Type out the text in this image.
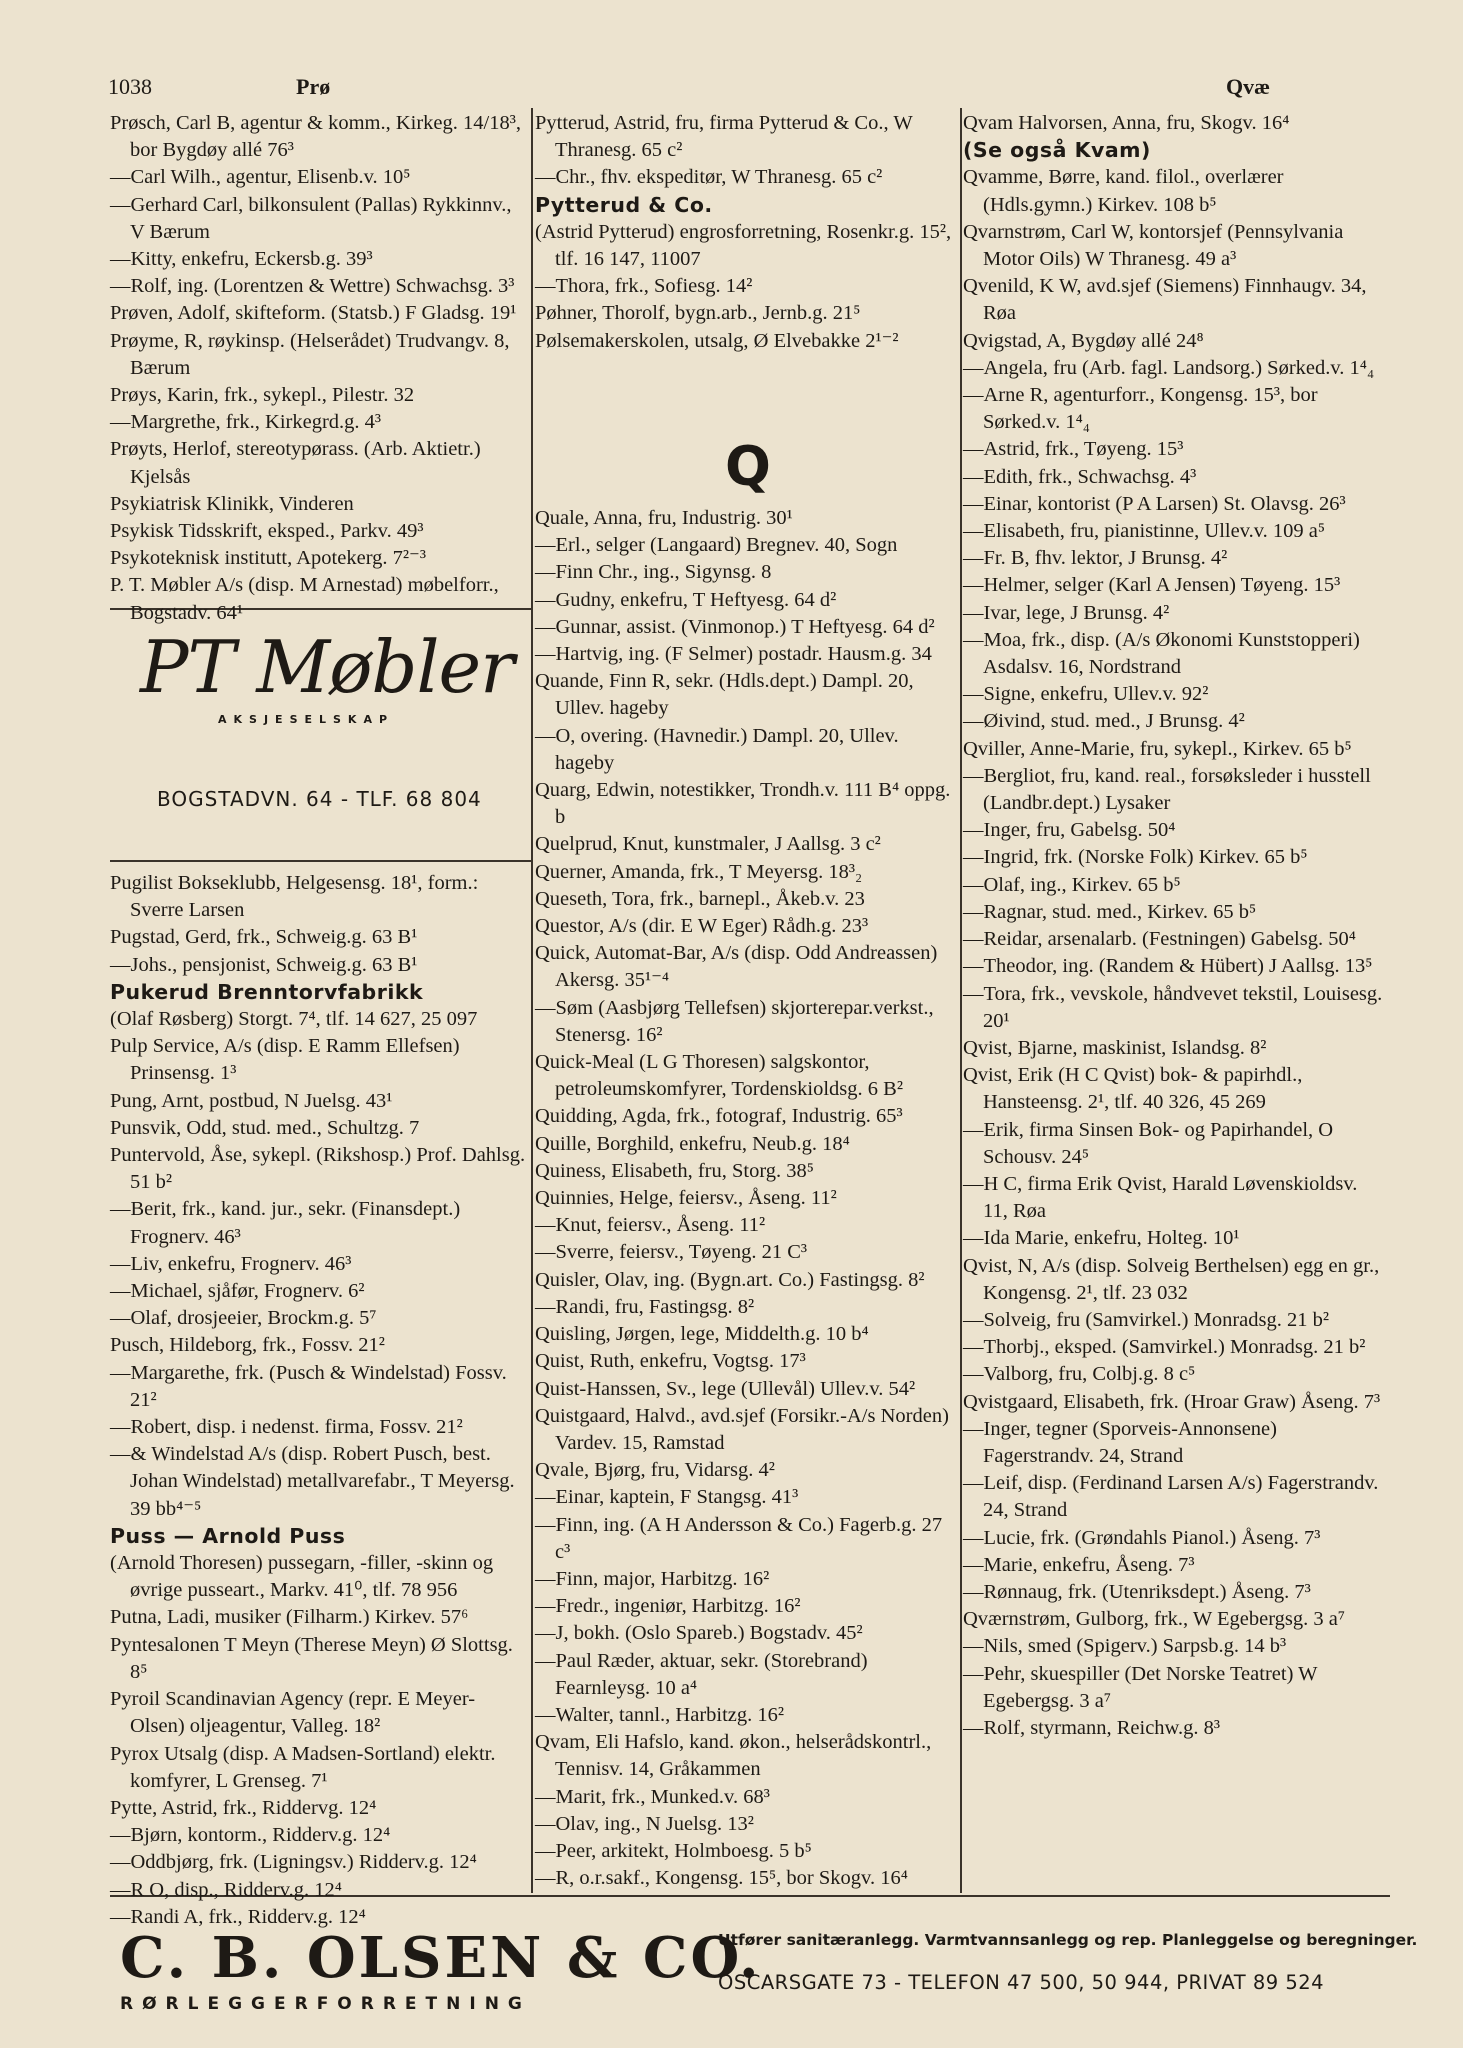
1038	Prø	Qvæ
Prøsch, Carl B, agentur & komm., Kirkeg. 14/18³, bor Bygdøy allé 76³
—Carl Wilh., agentur, Elisenb.v. 10⁵
—Gerhard Carl, bilkonsulent (Pallas) Rykkinnv., V Bærum
—Kitty, enkefru, Eckersb.g. 39³
—Rolf, ing. (Lorentzen & Wettre) Schwachsg. 3³
Prøven, Adolf, skifteform. (Statsb.) F Gladsg. 19¹
Prøyme, R, røykinsp. (Helserådet) Trudvangv. 8, Bærum
Prøys, Karin, frk., sykepl., Pilestr. 32
—Margrethe, frk., Kirkegrd.g. 4³
Prøyts, Herlof, stereotypørass. (Arb. Aktietr.) Kjelsås
Psykiatrisk Klinikk, Vinderen
Psykisk Tidsskrift, eksped., Parkv. 49³
Psykoteknisk institutt, Apotekerg. 7²⁻³
P. T. Møbler A/s (disp. M Arnestad) møbelforr., Bogstadv. 64¹
PT Møbler
AKSJESELSKAP
BOGSTADVN. 64 - TLF. 68 804
Pugilist Bokseklubb, Helgesensg. 18¹, form.: Sverre Larsen
Pugstad, Gerd, frk., Schweig.g. 63 B¹
—Johs., pensjonist, Schweig.g. 63 B¹
Pukerud Brenntorvfabrikk
(Olaf Røsberg) Storgt. 7⁴, tlf. 14 627, 25 097
Pulp Service, A/s (disp. E Ramm Ellefsen) Prinsensg. 1³
Pung, Arnt, postbud, N Juelsg. 43¹
Punsvik, Odd, stud. med., Schultzg. 7
Puntervold, Åse, sykepl. (Rikshosp.) Prof. Dahlsg. 51 b²
—Berit, frk., kand. jur., sekr. (Finansdept.) Frognerv. 46³
—Liv, enkefru, Frognerv. 46³
—Michael, sjåfør, Frognerv. 6²
—Olaf, drosjeeier, Brockm.g. 5⁷
Pusch, Hildeborg, frk., Fossv. 21²
—Margarethe, frk. (Pusch & Windelstad) Fossv. 21²
—Robert, disp. i nedenst. firma, Fossv. 21²
—& Windelstad A/s (disp. Robert Pusch, best. Johan Windelstad) metallvarefabr., T Meyersg. 39 bb⁴⁻⁵
Puss — Arnold Puss
(Arnold Thoresen) pussegarn, -filler, -skinn og øvrige pusseart., Markv. 41⁰, tlf. 78 956
Putna, Ladi, musiker (Filharm.) Kirkev. 57⁶
Pyntesalonen T Meyn (Therese Meyn) Ø Slottsg. 8⁵
Pyroil Scandinavian Agency (repr. E Meyer-Olsen) oljeagentur, Valleg. 18²
Pyrox Utsalg (disp. A Madsen-Sortland) elektr. komfyrer, L Grenseg. 7¹
Pytte, Astrid, frk., Riddervg. 12⁴
—Bjørn, kontorm., Ridderv.g. 12⁴
—Oddbjørg, frk. (Ligningsv.) Ridderv.g. 12⁴
—R O, disp., Ridderv.g. 12⁴
—Randi A, frk., Ridderv.g. 12⁴
Pytterud, Astrid, fru, firma Pytterud & Co., W Thranesg. 65 c²
—Chr., fhv. ekspeditør, W Thranesg. 65 c²
Pytterud & Co.
(Astrid Pytterud) engrosforretning, Rosenkr.g. 15², tlf. 16 147, 11007
—Thora, frk., Sofiesg. 14²
Pøhner, Thorolf, bygn.arb., Jernb.g. 21⁵
Pølsemakerskolen, utsalg, Ø Elvebakke 2¹⁻²
Q
Quale, Anna, fru, Industrig. 30¹
—Erl., selger (Langaard) Bregnev. 40, Sogn
—Finn Chr., ing., Sigynsg. 8
—Gudny, enkefru, T Heftyesg. 64 d²
—Gunnar, assist. (Vinmonop.) T Heftyesg. 64 d²
—Hartvig, ing. (F Selmer) postadr. Hausm.g. 34
Quande, Finn R, sekr. (Hdls.dept.) Dampl. 20, Ullev. hageby
—O, overing. (Havnedir.) Dampl. 20, Ullev. hageby
Quarg, Edwin, notestikker, Trondh.v. 111 B⁴ oppg. b
Quelprud, Knut, kunstmaler, J Aallsg. 3 c²
Querner, Amanda, frk., T Meyersg. 18³₂
Queseth, Tora, frk., barnepl., Åkeb.v. 23
Questor, A/s (dir. E W Eger) Rådh.g. 23³
Quick, Automat-Bar, A/s (disp. Odd Andreassen) Akersg. 35¹⁻⁴
—Søm (Aasbjørg Tellefsen) skjorterepar.verkst., Stenersg. 16²
Quick-Meal (L G Thoresen) salgskontor, petroleumskomfyrer, Tordenskioldsg. 6 B²
Quidding, Agda, frk., fotograf, Industrig. 65³
Quille, Borghild, enkefru, Neub.g. 18⁴
Quiness, Elisabeth, fru, Storg. 38⁵
Quinnies, Helge, feiersv., Åseng. 11²
—Knut, feiersv., Åseng. 11²
—Sverre, feiersv., Tøyeng. 21 C³
Quisler, Olav, ing. (Bygn.art. Co.) Fastingsg. 8²
—Randi, fru, Fastingsg. 8²
Quisling, Jørgen, lege, Middelth.g. 10 b⁴
Quist, Ruth, enkefru, Vogtsg. 17³
Quist-Hanssen, Sv., lege (Ullevål) Ullev.v. 54²
Quistgaard, Halvd., avd.sjef (Forsikr.-A/s Norden) Vardev. 15, Ramstad
Qvale, Bjørg, fru, Vidarsg. 4²
—Einar, kaptein, F Stangsg. 41³
—Finn, ing. (A H Andersson & Co.) Fagerb.g. 27 c³
—Finn, major, Harbitzg. 16²
—Fredr., ingeniør, Harbitzg. 16²
—J, bokh. (Oslo Spareb.) Bogstadv. 45²
—Paul Ræder, aktuar, sekr. (Storebrand) Fearnleysg. 10 a⁴
—Walter, tannl., Harbitzg. 16²
Qvam, Eli Hafslo, kand. økon., helserådskontrl., Tennisv. 14, Gråkammen
—Marit, frk., Munked.v. 68³
—Olav, ing., N Juelsg. 13²
—Peer, arkitekt, Holmboesg. 5 b⁵
—R, o.r.sakf., Kongensg. 15⁵, bor Skogv. 16⁴
Qvam Halvorsen, Anna, fru, Skogv. 16⁴
(Se også Kvam)
Qvamme, Børre, kand. filol., overlærer (Hdls.gymn.) Kirkev. 108 b⁵
Qvarnstrøm, Carl W, kontorsjef (Pennsylvania Motor Oils) W Thranesg. 49 a³
Qvenild, K W, avd.sjef (Siemens) Finnhaugv. 34, Røa
Qvigstad, A, Bygdøy allé 24⁸
—Angela, fru (Arb. fagl. Landsorg.) Sørked.v. 1⁴₄
—Arne R, agenturforr., Kongensg. 15³, bor Sørked.v. 1⁴₄
—Astrid, frk., Tøyeng. 15³
—Edith, frk., Schwachsg. 4³
—Einar, kontorist (P A Larsen) St. Olavsg. 26³
—Elisabeth, fru, pianistinne, Ullev.v. 109 a⁵
—Fr. B, fhv. lektor, J Brunsg. 4²
—Helmer, selger (Karl A Jensen) Tøyeng. 15³
—Ivar, lege, J Brunsg. 4²
—Moa, frk., disp. (A/s Økonomi Kunststopperi) Asdalsv. 16, Nordstrand
—Signe, enkefru, Ullev.v. 92²
—Øivind, stud. med., J Brunsg. 4²
Qviller, Anne-Marie, fru, sykepl., Kirkev. 65 b⁵
—Bergliot, fru, kand. real., forsøksleder i husstell (Landbr.dept.) Lysaker
—Inger, fru, Gabelsg. 50⁴
—Ingrid, frk. (Norske Folk) Kirkev. 65 b⁵
—Olaf, ing., Kirkev. 65 b⁵
—Ragnar, stud. med., Kirkev. 65 b⁵
—Reidar, arsenalarb. (Festningen) Gabelsg. 50⁴
—Theodor, ing. (Randem & Hübert) J Aallsg. 13⁵
—Tora, frk., vevskole, håndvevet tekstil, Louisesg. 20¹
Qvist, Bjarne, maskinist, Islandsg. 8²
Qvist, Erik (H C Qvist) bok- & papirhdl., Hansteensg. 2¹, tlf. 40 326, 45 269
—Erik, firma Sinsen Bok- og Papirhandel, O Schousv. 24⁵
—H C, firma Erik Qvist, Harald Løvenskioldsv. 11, Røa
—Ida Marie, enkefru, Holteg. 10¹
Qvist, N, A/s (disp. Solveig Berthelsen) egg en gr., Kongensg. 2¹, tlf. 23 032
—Solveig, fru (Samvirkel.) Monradsg. 21 b²
—Thorbj., eksped. (Samvirkel.) Monradsg. 21 b²
—Valborg, fru, Colbj.g. 8 c⁵
Qvistgaard, Elisabeth, frk. (Hroar Graw) Åseng. 7³
—Inger, tegner (Sporveis-Annonsene) Fagerstrandv. 24, Strand
—Leif, disp. (Ferdinand Larsen A/s) Fagerstrandv. 24, Strand
—Lucie, frk. (Grøndahls Pianol.) Åseng. 7³
—Marie, enkefru, Åseng. 7³
—Rønnaug, frk. (Utenriksdept.) Åseng. 7³
Qværnstrøm, Gulborg, frk., W Egebergsg. 3 a⁷
—Nils, smed (Spigerv.) Sarpsb.g. 14 b³
—Pehr, skuespiller (Det Norske Teatret) W Egebergsg. 3 a⁷
—Rolf, styrmann, Reichw.g. 8³
C. B. OLSEN & CO.
RØRLEGGERFORRETNING
Utfører sanitæranlegg. Varmtvannsanlegg og rep. Planleggelse og beregninger.
OSCARSGATE 73 - TELEFON 47 500, 50 944, PRIVAT 89 524
